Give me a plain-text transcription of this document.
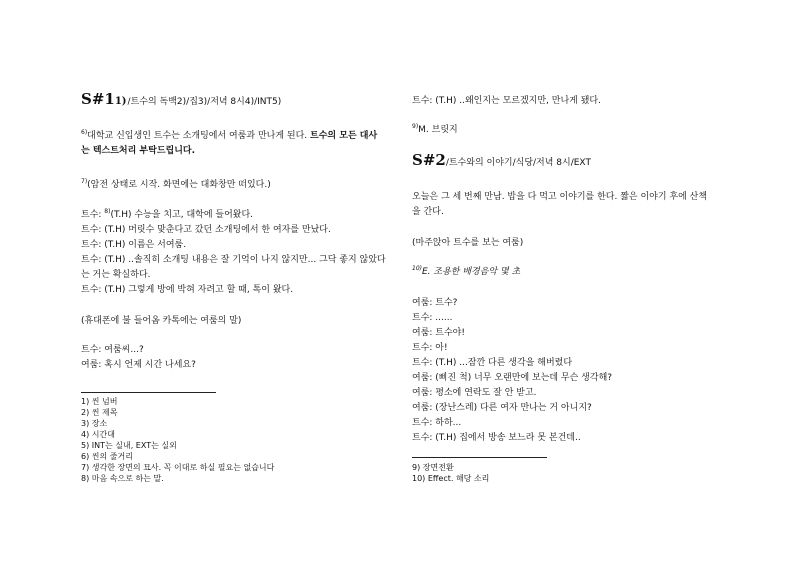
S#1 1) /트수의 독백 2) /집 3) /저녁 8시 4) /INT 5)

$^{6)}$대학교 신입생인 트수는 소개팅에서 여룸과 만나게 된다. 트수의 모든 대사는 텍스트처리 부탁드립니다.

$^{7)}$(암전 상태로 시작. 화면에는 대화창만 떠있다.)

트수: $^{8)}$(T.H) 수능을 치고, 대학에 들어왔다.

트수: (T.H) 머릿수 맞춘다고 갔던 소개팅에서 한 여자를 만났다.

트수: (T.H) 이름은 서여룸.

트수: (T.H) ..솔직히 소개팅 내용은 잘 기억이 나지 않지만... 그닥 좋지 않았다는 거는 확실하다.

트수: (T.H) 그렇게 방에 박혀 자려고 할 때, 톡이 왔다.

(휴대폰에 불 들어옴 카톡에는 여룸의 말)

트수: 여룸씨...?

여룸: 혹시 언제 시간 나세요?

1) 씬 넘버

2) 씬 제목

3) 장소

4) 시간대

5) INT는 실내, EXT는 실외

6) 씬의 줄거리

7) 생각한 장면의 묘사. 꼭 이대로 하실 필요는 없습니다

8) 마음 속으로 하는 말.

트수: (T.H) ..왜인지는 모르겠지만, 만나게 됐다.

$^{9)}$M. 브릿지

S#2 /트수와의 이야기/식당/저녁 8시/EXT

오늘은 그 세 번째 만남. 밥을 다 먹고 이야기를 한다. 짧은 이야기 후에 산책을 간다.

(마주앉아 트수를 보는 여룸)

$^{10)}$E. 조용한 배경음악 몇 초

여룸: 트수?

트수: ......

여룸: 트수야!

트수: 아!

트수: (T.H) ...잠깐 다른 생각을 해버렸다

여룸: (삐진 척) 너무 오랜만에 보는데 무슨 생각해?

여룸: 평소에 연락도 잘 안 받고.

여룸: (장난스레) 다른 여자 만나는 거 아니지?

트수: 하하...

트수: (T.H) 집에서 방송 보느라 못 본건데..

9) 장면전환

10) Effect. 해당 소리
